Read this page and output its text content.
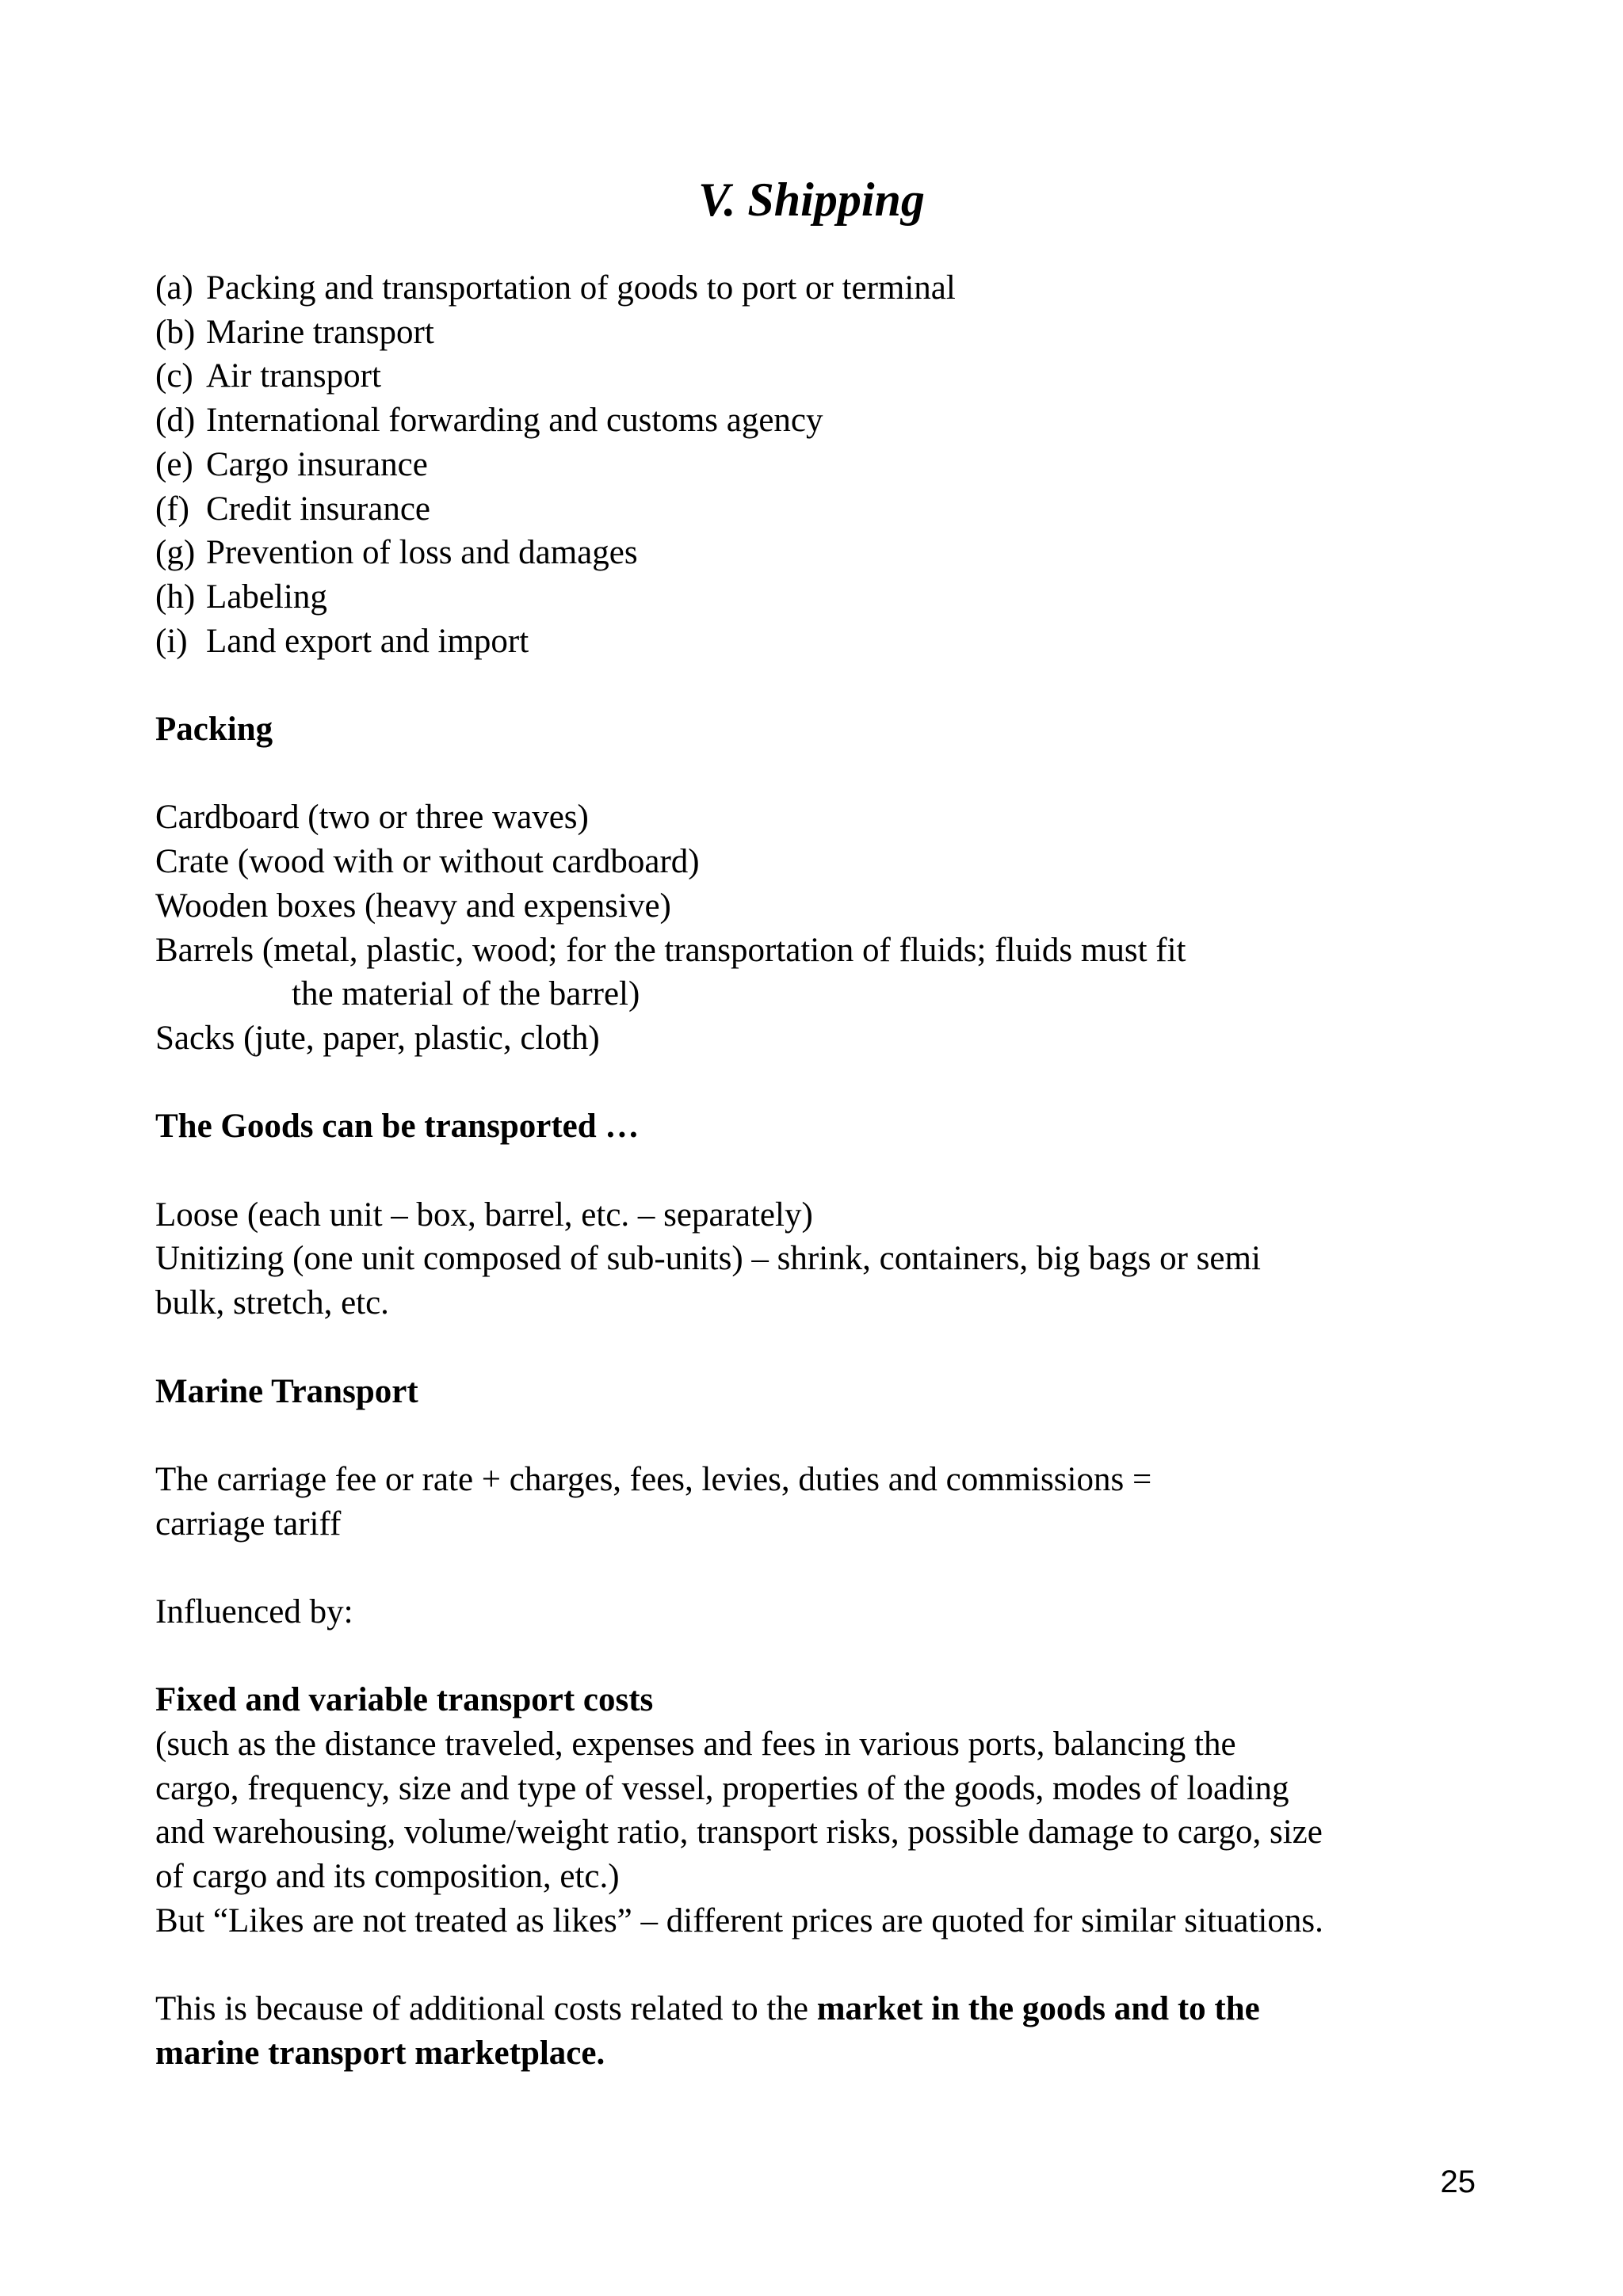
V. Shipping
(a) Packing and transportation of goods to port or terminal
(b) Marine transport
(c) Air transport
(d) International forwarding and customs agency
(e) Cargo insurance
(f) Credit insurance
(g) Prevention of loss and damages
(h) Labeling
(i) Land export and import
Packing
Cardboard (two or three waves)
Crate (wood with or without cardboard)
Wooden boxes (heavy and expensive)
Barrels (metal, plastic, wood; for the transportation of fluids; fluids must fit
the material of the barrel)
Sacks (jute, paper, plastic, cloth)
The Goods can be transported …
Loose (each unit – box, barrel, etc. – separately)
Unitizing (one unit composed of sub-units) – shrink, containers, big bags or semi
bulk, stretch, etc.
Marine Transport
The carriage fee or rate + charges, fees, levies, duties and commissions =
carriage tariff
Influenced by:
Fixed and variable transport costs
(such as the distance traveled, expenses and fees in various ports, balancing the
cargo, frequency, size and type of vessel, properties of the goods, modes of loading
and warehousing, volume/weight ratio, transport risks, possible damage to cargo, size
of cargo and its composition, etc.)
But “Likes are not treated as likes” – different prices are quoted for similar situations.
This is because of additional costs related to the market in the goods and to the
marine transport marketplace.
25
